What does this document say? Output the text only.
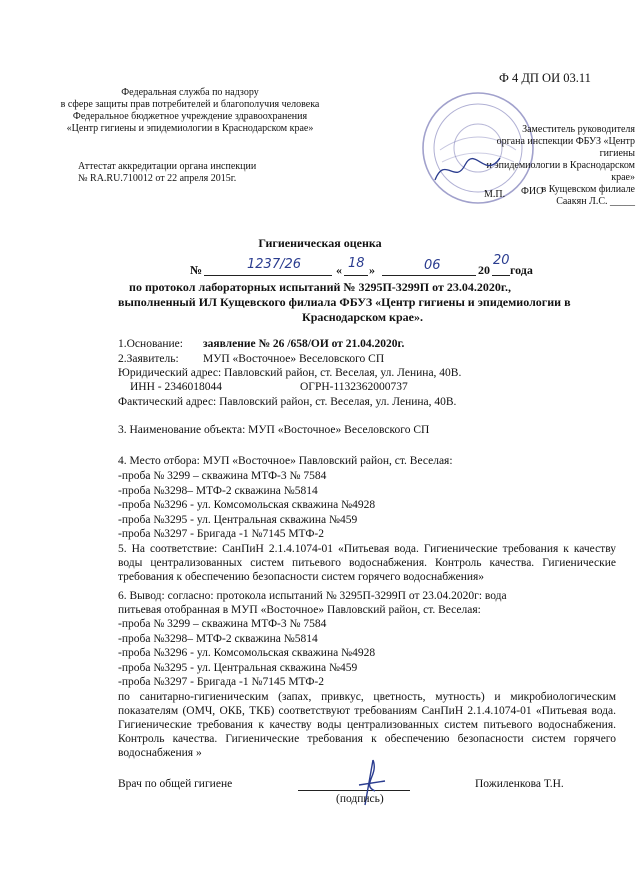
Ф 4 ДП ОИ 03.11
Федеральная служба по надзору
в сфере защиты прав потребителей и благополучия человека
Федеральное бюджетное учреждение здравоохранения
«Центр гигиены и эпидемиологии в Краснодарском крае»	Заместитель руководителя
органа инспекции ФБУЗ «Центр гигиены
и эпидемиологии в Краснодарском крае»
в Кущевском филиале
Саакян Л.С. _____
ФИО
М.П.
Аттестат аккредитации органа инспекции
№ RA.RU.710012 от 22 апреля 2015г.
Гигиеническая оценка
№	1237/26	« 18 »	06	20
20
года
по протокол лабораторных испытаний № 3295П-3299П от 23.04.2020г.,
выполненный ИЛ Кущевского филиала ФБУЗ «Центр гигиены и эпидемиологии в
Краснодарском крае».
1.Основание: заявление № 26 /658/ОИ от 21.04.2020г.
2.Заявитель: МУП «Восточное» Веселовского СП
Юридический адрес: Павловский район, ст. Веселая, ул. Ленина, 40В.
ИНН - 2346018044	ОГРН-1132362000737
Фактический адрес: Павловский район, ст. Веселая, ул. Ленина, 40В.
3. Наименование объекта: МУП «Восточное» Веселовского СП
4. Место отбора: МУП «Восточное» Павловский район, ст. Веселая:
-проба № 3299 – скважина МТФ-3 № 7584
-проба №3298– МТФ-2 скважина №5814
-проба №3296 - ул. Комсомольская скважина №4928
-проба №3295 - ул. Центральная скважина №459
-проба №3297 - Бригада -1 №7145 МТФ-2
5. На соответствие: СанПиН 2.1.4.1074-01 «Питьевая вода. Гигиенические требования к качеству воды централизованных систем питьевого водоснабжения. Контроль качества. Гигиенические требования к обеспечению безопасности систем горячего водоснабжения»
6. Вывод: согласно: протокола испытаний № 3295П-3299П от 23.04.2020г: вода
питьевая отобранная в МУП «Восточное» Павловский район, ст. Веселая:
-проба № 3299 – скважина МТФ-3 № 7584
-проба №3298– МТФ-2 скважина №5814
-проба №3296 - ул. Комсомольская скважина №4928
-проба №3295 - ул. Центральная скважина №459
-проба №3297 - Бригада -1 №7145 МТФ-2
по санитарно-гигиеническим (запах, привкус, цветность, мутность) и микробиологическим показателям (ОМЧ, ОКБ, ТКБ) соответствуют требованиям СанПиН 2.1.4.1074-01 «Питьевая вода. Гигиенические требования к качеству воды централизованных систем питьевого водоснабжения. Контроль качества. Гигиенические требования к обеспечению безопасности систем горячего водоснабжения »
Врач по общей гигиене
(подпись)
Пожиленкова Т.Н.
